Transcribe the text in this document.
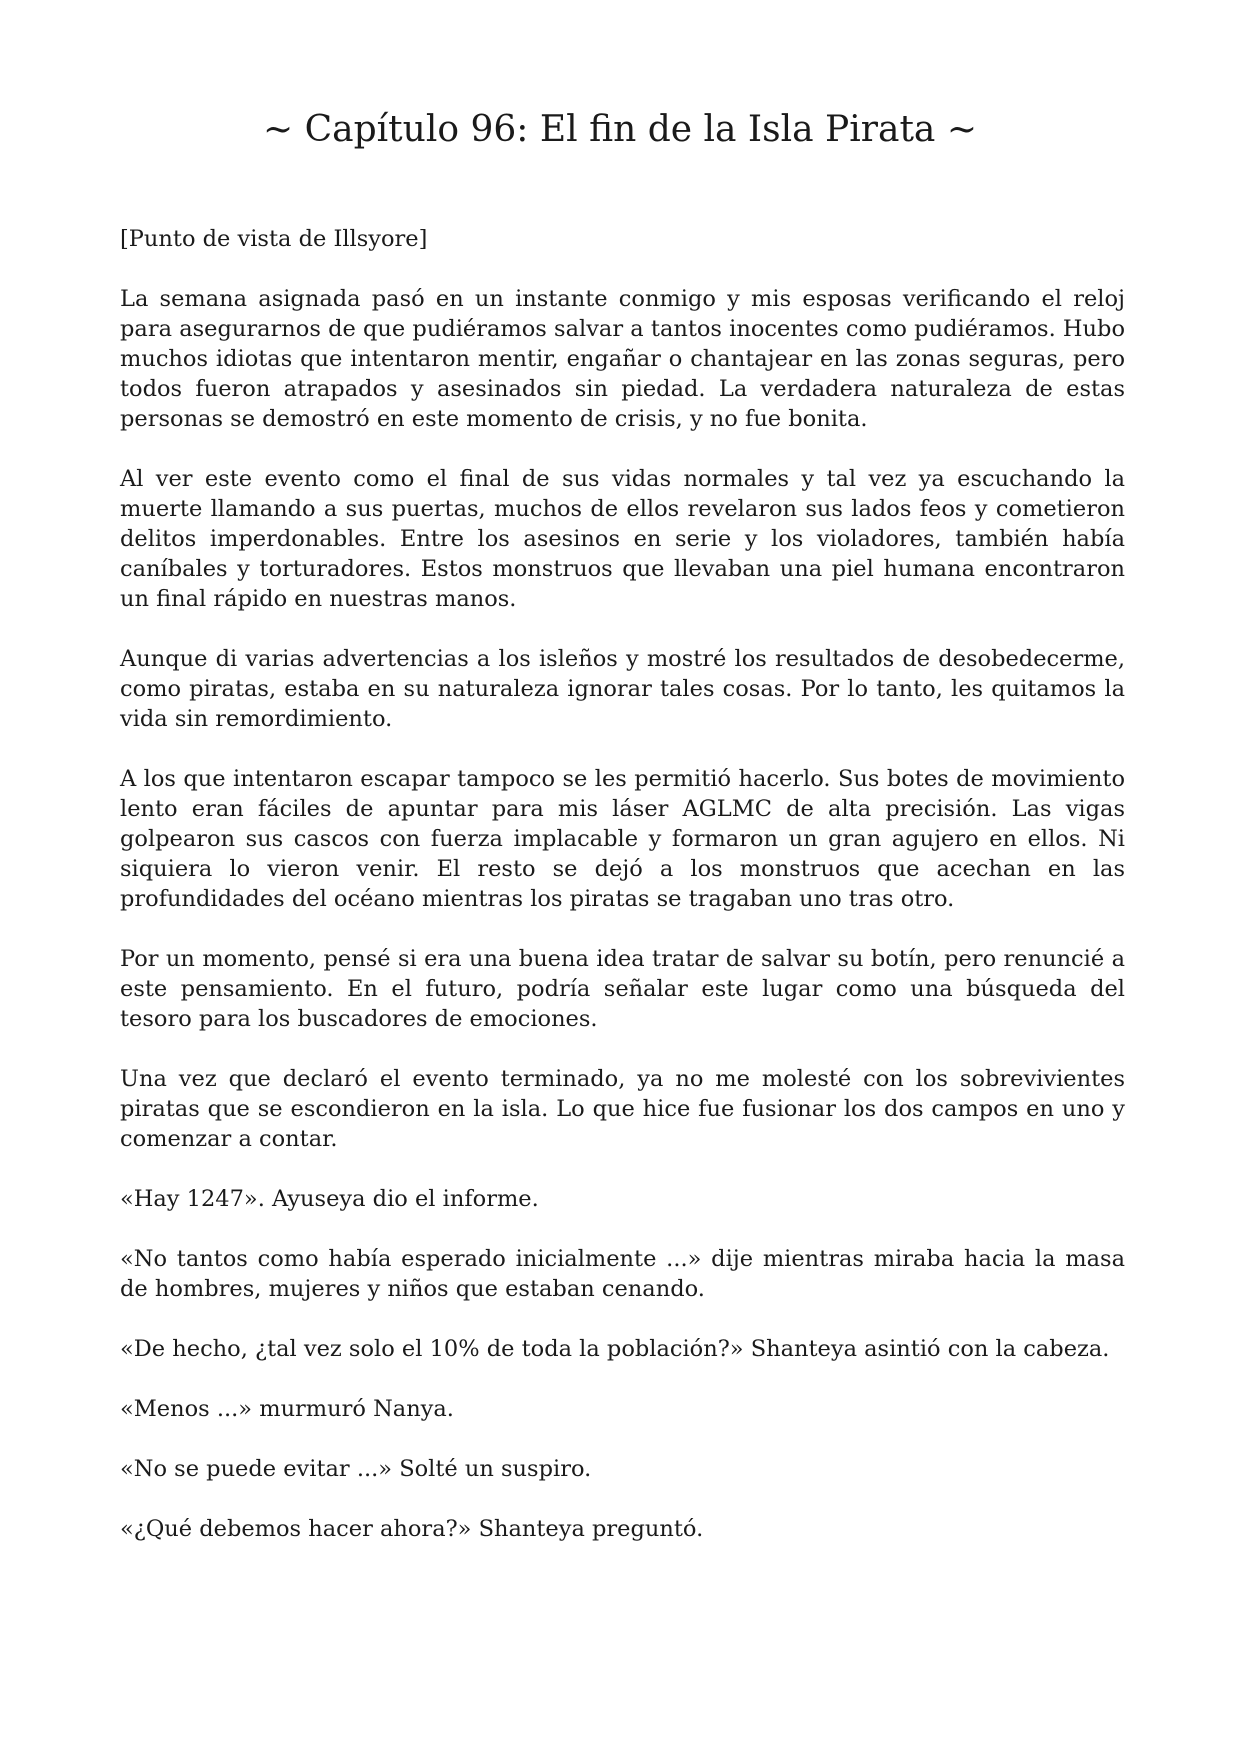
~ Capítulo 96: El fin de la Isla Pirata ~

[Punto de vista de Illsyore]

La semana asignada pasó en un instante conmigo y mis esposas verificando el reloj para asegurarnos de que pudiéramos salvar a tantos inocentes como pudiéramos. Hubo muchos idiotas que intentaron mentir, engañar o chantajear en las zonas seguras, pero todos fueron atrapados y asesinados sin piedad. La verdadera naturaleza de estas personas se demostró en este momento de crisis, y no fue bonita.

Al ver este evento como el final de sus vidas normales y tal vez ya escuchando la muerte llamando a sus puertas, muchos de ellos revelaron sus lados feos y cometieron delitos imperdonables. Entre los asesinos en serie y los violadores, también había caníbales y torturadores. Estos monstruos que llevaban una piel humana encontraron un final rápido en nuestras manos.

Aunque di varias advertencias a los isleños y mostré los resultados de desobedecerme, como piratas, estaba en su naturaleza ignorar tales cosas. Por lo tanto, les quitamos la vida sin remordimiento.

A los que intentaron escapar tampoco se les permitió hacerlo. Sus botes de movimiento lento eran fáciles de apuntar para mis láser AGLMC de alta precisión. Las vigas golpearon sus cascos con fuerza implacable y formaron un gran agujero en ellos. Ni siquiera lo vieron venir. El resto se dejó a los monstruos que acechan en las profundidades del océano mientras los piratas se tragaban uno tras otro.

Por un momento, pensé si era una buena idea tratar de salvar su botín, pero renuncié a este pensamiento. En el futuro, podría señalar este lugar como una búsqueda del tesoro para los buscadores de emociones.

Una vez que declaró el evento terminado, ya no me molesté con los sobrevivientes piratas que se escondieron en la isla. Lo que hice fue fusionar los dos campos en uno y comenzar a contar.

«Hay 1247». Ayuseya dio el informe.

«No tantos como había esperado inicialmente ...» dije mientras miraba hacia la masa de hombres, mujeres y niños que estaban cenando.

«De hecho, ¿tal vez solo el 10% de toda la población?» Shanteya asintió con la cabeza.

«Menos ...» murmuró Nanya.

«No se puede evitar ...» Solté un suspiro.

«¿Qué debemos hacer ahora?» Shanteya preguntó.
